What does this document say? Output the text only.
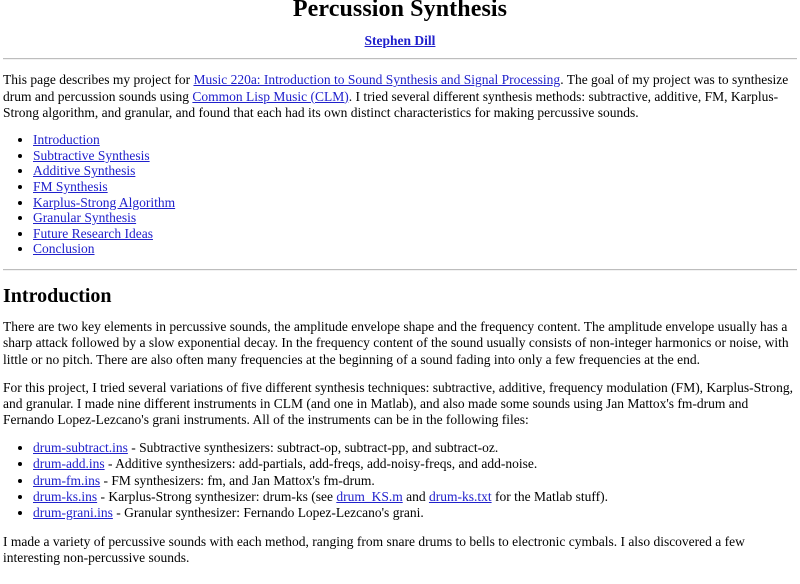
Percussion Synthesis
Stephen Dill

This page describes my project for Music 220a: Introduction to Sound Synthesis and Signal Processing. The goal of my project was to synthesize drum and percussion sounds using Common Lisp Music (CLM). I tried several different synthesis methods: subtractive, additive, FM, Karplus-Strong algorithm, and granular, and found that each had its own distinct characteristics for making percussive sounds.

• Introduction
• Subtractive Synthesis
• Additive Synthesis
• FM Synthesis
• Karplus-Strong Algorithm
• Granular Synthesis
• Future Research Ideas
• Conclusion
Introduction

There are two key elements in percussive sounds, the amplitude envelope shape and the frequency content. The amplitude envelope usually has a sharp attack followed by a slow exponential decay. In the frequency content of the sound usually consists of non-integer harmonics or noise, with little or no pitch. There are also often many frequencies at the beginning of a sound fading into only a few frequencies at the end.

For this project, I tried several variations of five different synthesis techniques: subtractive, additive, frequency modulation (FM), Karplus-Strong, and granular. I made nine different instruments in CLM (and one in Matlab), and also made some sounds using Jan Mattox's fm-drum and Fernando Lopez-Lezcano's grani instruments. All of the instruments can be in the following files:

• drum-subtract.ins - Subtractive synthesizers: subtract-op, subtract-pp, and subtract-oz.
• drum-add.ins - Additive synthesizers: add-partials, add-freqs, add-noisy-freqs, and add-noise.
• drum-fm.ins - FM synthesizers: fm, and Jan Mattox's fm-drum.
• drum-ks.ins - Karplus-Strong synthesizer: drum-ks (see drum_KS.m and drum-ks.txt for the Matlab stuff).
• drum-grani.ins - Granular synthesizer: Fernando Lopez-Lezcano's grani.

I made a variety of percussive sounds with each method, ranging from snare drums to bells to electronic cymbals. I also discovered a few interesting non-percussive sounds.
